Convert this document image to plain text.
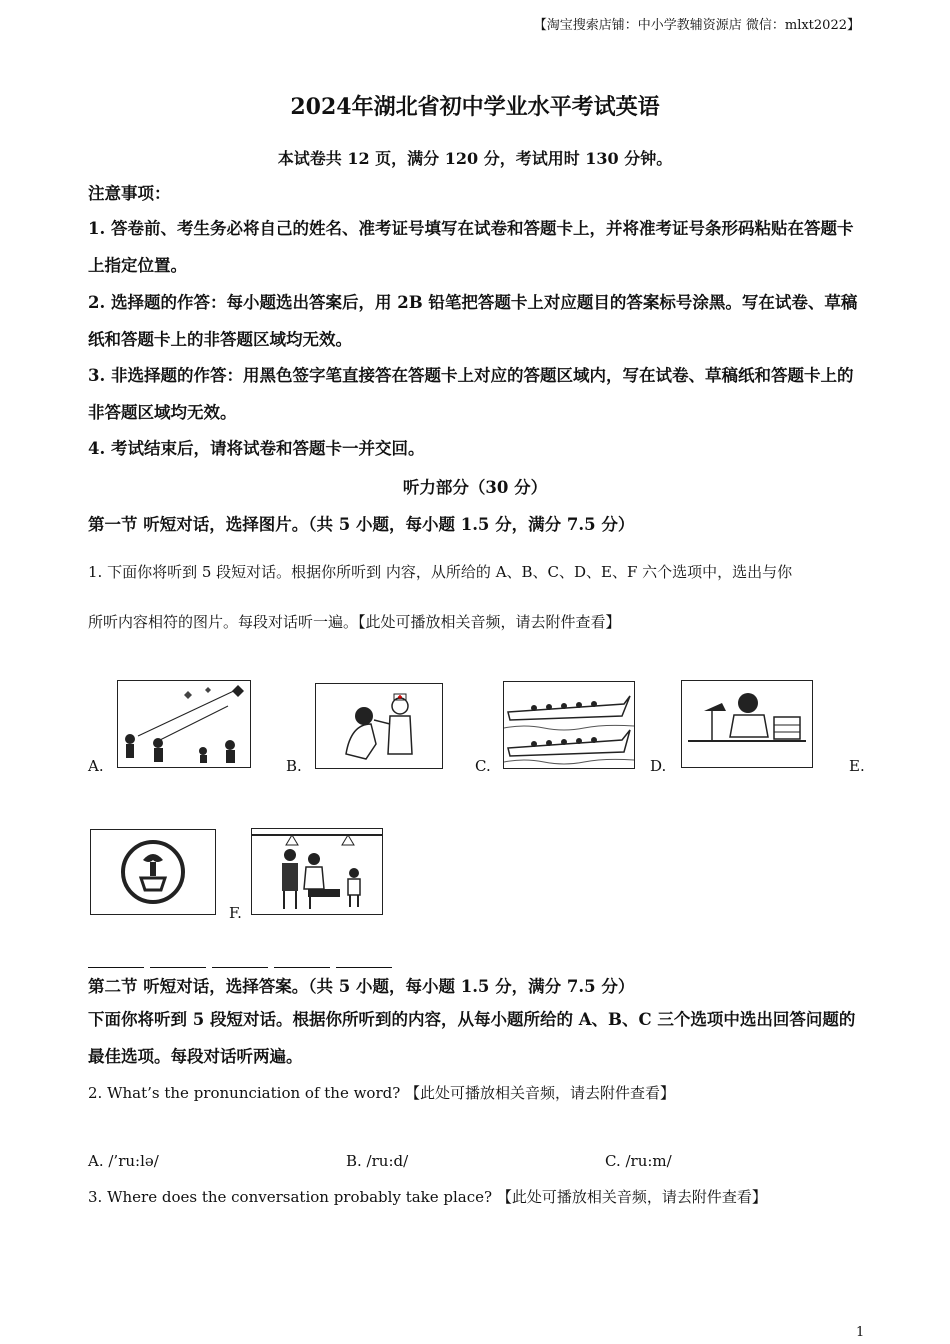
【淘宝搜索店铺：中小学教辅资源店 微信：mlxt2022】
2024年湖北省初中学业水平考试英语
本试卷共 12 页，满分 120 分，考试用时 130 分钟。
注意事项：
1. 答卷前、考生务必将自己的姓名、准考证号填写在试卷和答题卡上，并将准考证号条形码粘贴在答题卡上指定位置。
2. 选择题的作答：每小题选出答案后，用 2B 铅笔把答题卡上对应题目的答案标号涂黑。写在试卷、草稿纸和答题卡上的非答题区域均无效。
3. 非选择题的作答：用黑色签字笔直接答在答题卡上对应的答题区域内，写在试卷、草稿纸和答题卡上的非答题区域均无效。
4. 考试结束后，请将试卷和答题卡一并交回。
听力部分（30 分）
第一节 听短对话，选择图片。（共 5 小题，每小题 1.5 分，满分 7.5 分）
1. 下面你将听到 5 段短对话。根据你所听到 内容，从所给的 A、B、C、D、E、F 六个选项中，选出与你
所听内容相符的图片。每段对话听一遍。【此处可播放相关音频，请去附件查看】
A.	B.	C.	D.	E.
F.
第二节 听短对话，选择答案。（共 5 小题，每小题 1.5 分，满分 7.5 分）
下面你将听到 5 段短对话。根据你所听到的内容，从每小题所给的 A、B、C 三个选项中选出回答问题的最佳选项。每段对话听两遍。
2. What’s the pronunciation of the word? 【此处可播放相关音频，请去附件查看】
A. /’ru:lə/	B. /ru:d/	C. /ru:m/
3. Where does the conversation probably take place? 【此处可播放相关音频，请去附件查看】
1
